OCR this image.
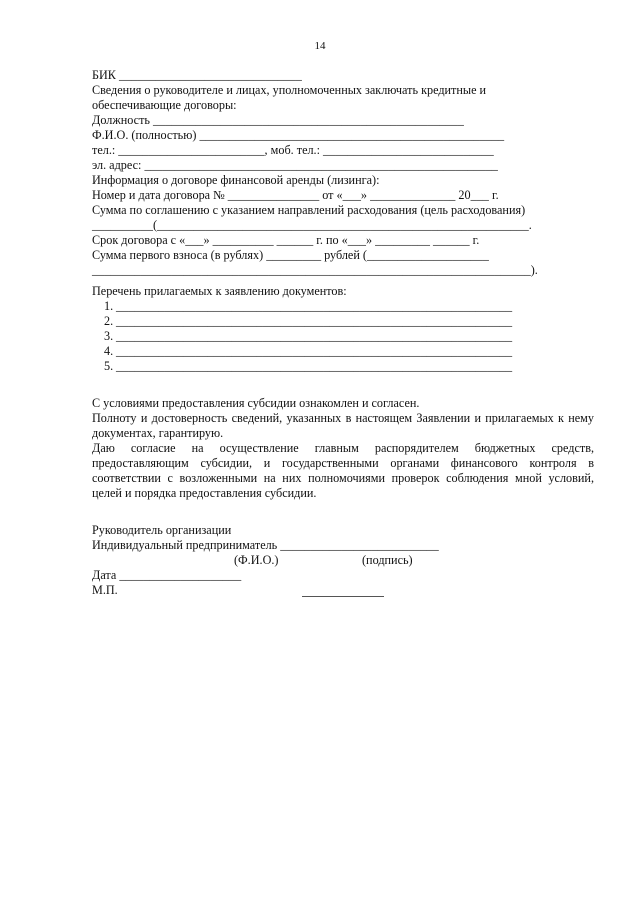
14
БИК ______________________________
Сведения о руководителе и лицах, уполномоченных заключать кредитные и
обеспечивающие договоры:
Должность ___________________________________________________
Ф.И.О. (полностью) __________________________________________________
тел.: ________________________, моб. тел.: ____________________________
эл. адрес: __________________________________________________________
Информация о договоре финансовой аренды (лизинга):
Номер и дата договора № _______________ от «___» ______________ 20___ г.
Сумма по соглашению с указанием направлений расходования (цель расходования)
__________(_____________________________________________________________.
Срок договора с «___» __________ ______ г. по «___» _________ ______ г.
Сумма первого взноса (в рублях) _________ рублей (____________________
________________________________________________________________________).
Перечень прилагаемых к заявлению документов:
1. _________________________________________________________________
2. _________________________________________________________________
3. _________________________________________________________________
4. _________________________________________________________________
5. _________________________________________________________________
С условиями предоставления субсидии ознакомлен и согласен.
Полноту и достоверность сведений, указанных в настоящем Заявлении и прилагаемых к нему документах, гарантирую.
Даю согласие на осуществление главным распорядителем бюджетных средств, предоставляющим субсидии, и государственными органами финансового контроля в соответствии с возложенными на них полномочиями проверок соблюдения мной условий, целей и порядка предоставления субсидии.
Руководитель организации
Индивидуальный предприниматель __________________________
(Ф.И.О.)	(подпись)
Дата ____________________
М.П.
